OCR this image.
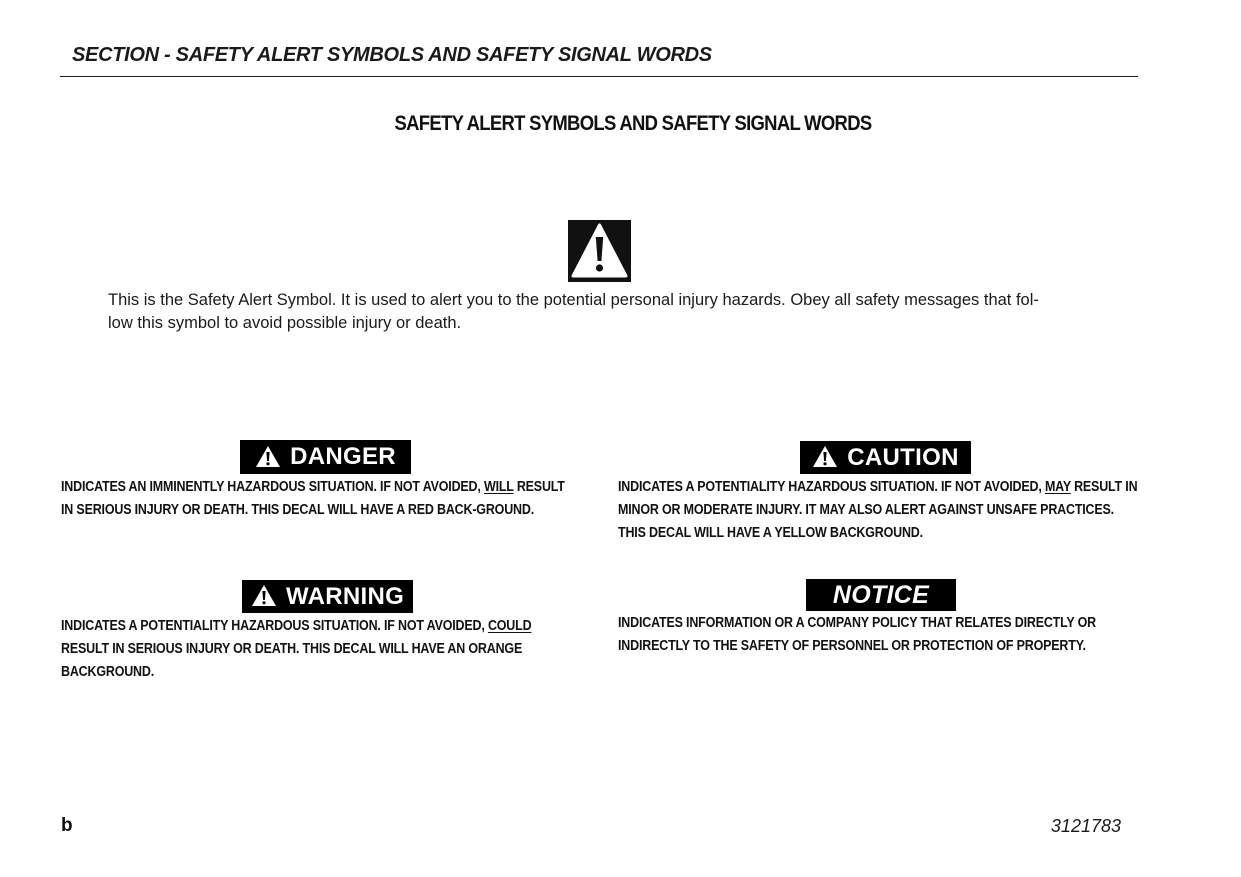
SECTION - SAFETY ALERT SYMBOLS AND SAFETY SIGNAL WORDS
SAFETY ALERT SYMBOLS AND SAFETY SIGNAL WORDS
This is the Safety Alert Symbol. It is used to alert you to the potential personal injury hazards. Obey all safety messages that fol-
low this symbol to avoid possible injury or death.
DANGER
INDICATES AN IMMINENTLY HAZARDOUS SITUATION. IF NOT AVOIDED, WILL RESULT IN SERIOUS INJURY OR DEATH. THIS DECAL WILL HAVE A RED BACK-GROUND.
CAUTION
INDICATES A POTENTIALITY HAZARDOUS SITUATION. IF NOT AVOIDED, MAY RESULT IN MINOR OR MODERATE INJURY. IT MAY ALSO ALERT AGAINST UNSAFE PRACTICES. THIS DECAL WILL HAVE A YELLOW BACKGROUND.
WARNING
INDICATES A POTENTIALITY HAZARDOUS SITUATION. IF NOT AVOIDED, COULD RESULT IN SERIOUS INJURY OR DEATH. THIS DECAL WILL HAVE AN ORANGE BACKGROUND.
NOTICE
INDICATES INFORMATION OR A COMPANY POLICY THAT RELATES DIRECTLY OR INDIRECTLY TO THE SAFETY OF PERSONNEL OR PROTECTION OF PROPERTY.
b	3121783
